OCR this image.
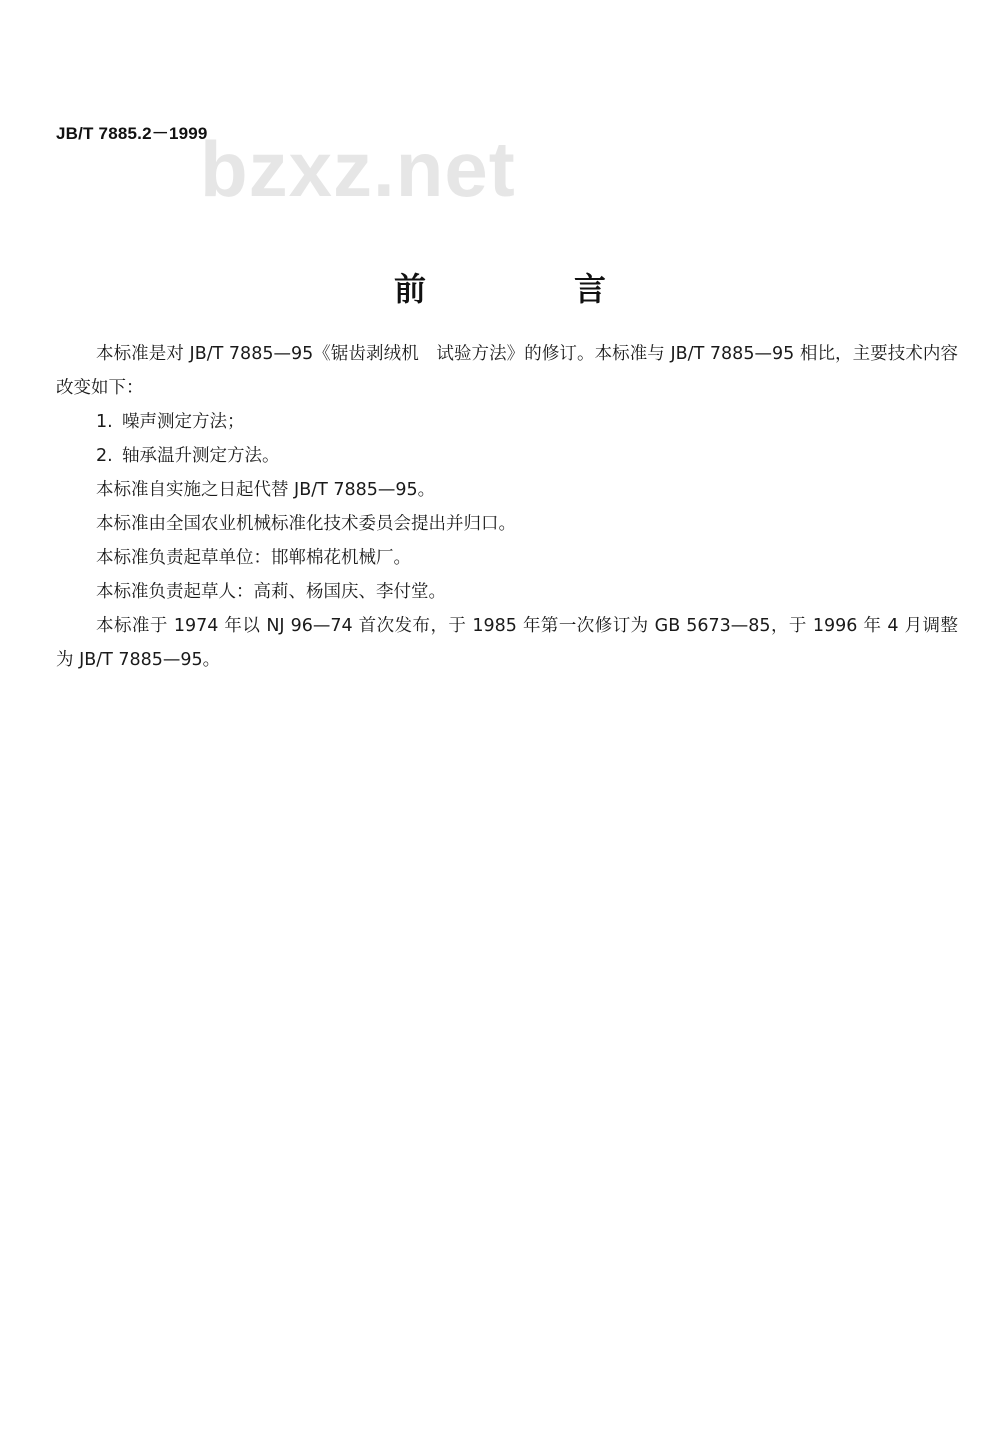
JB/T 7885.2－1999
bzxz.net
前　言

本标准是对 JB/T 7885—95《锯齿剥绒机　试验方法》的修订。本标准与 JB/T 7885—95 相比，主要技术内容改变如下：

1. 噪声测定方法；

2. 轴承温升测定方法。

本标准自实施之日起代替 JB/T 7885—95。

本标准由全国农业机械标准化技术委员会提出并归口。

本标准负责起草单位：邯郸棉花机械厂。

本标准负责起草人：高莉、杨国庆、李付堂。

本标准于 1974 年以 NJ 96—74 首次发布，于 1985 年第一次修订为 GB 5673—85，于 1996 年 4 月调整为 JB/T 7885—95。
